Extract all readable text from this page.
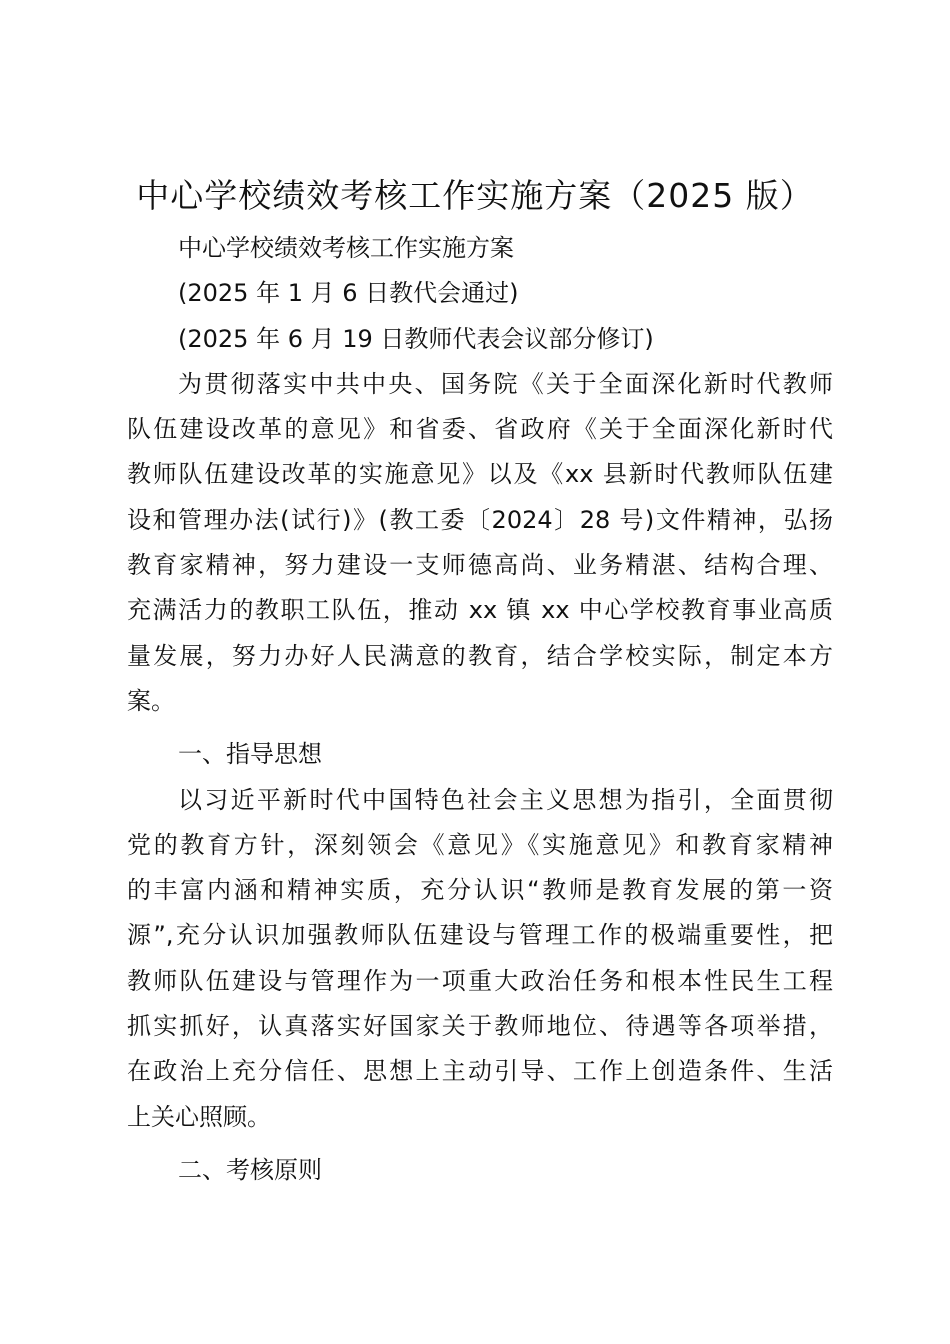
中心学校绩效考核工作实施方案（2025 版）
中心学校绩效考核工作实施方案
(2025 年 1 月 6 日教代会通过)
(2025 年 6 月 19 日教师代表会议部分修订)
为贯彻落实中共中央、国务院《关于全面深化新时代教师
队伍建设改革的意见》和省委、省政府《关于全面深化新时代
教师队伍建设改革的实施意见》以及《xx 县新时代教师队伍建
设和管理办法(试行)》(教工委〔2024〕28 号)文件精神，弘扬
教育家精神，努力建设一支师德高尚、业务精湛、结构合理、
充满活力的教职工队伍，推动 xx 镇 xx 中心学校教育事业高质
量发展，努力办好人民满意的教育，结合学校实际，制定本方
案。
一、指导思想
以习近平新时代中国特色社会主义思想为指引，全面贯彻
党的教育方针，深刻领会《意见》《实施意见》和教育家精神
的丰富内涵和精神实质，充分认识“教师是教育发展的第一资
源”,充分认识加强教师队伍建设与管理工作的极端重要性，把
教师队伍建设与管理作为一项重大政治任务和根本性民生工程
抓实抓好，认真落实好国家关于教师地位、待遇等各项举措，
在政治上充分信任、思想上主动引导、工作上创造条件、生活
上关心照顾。
二、考核原则
